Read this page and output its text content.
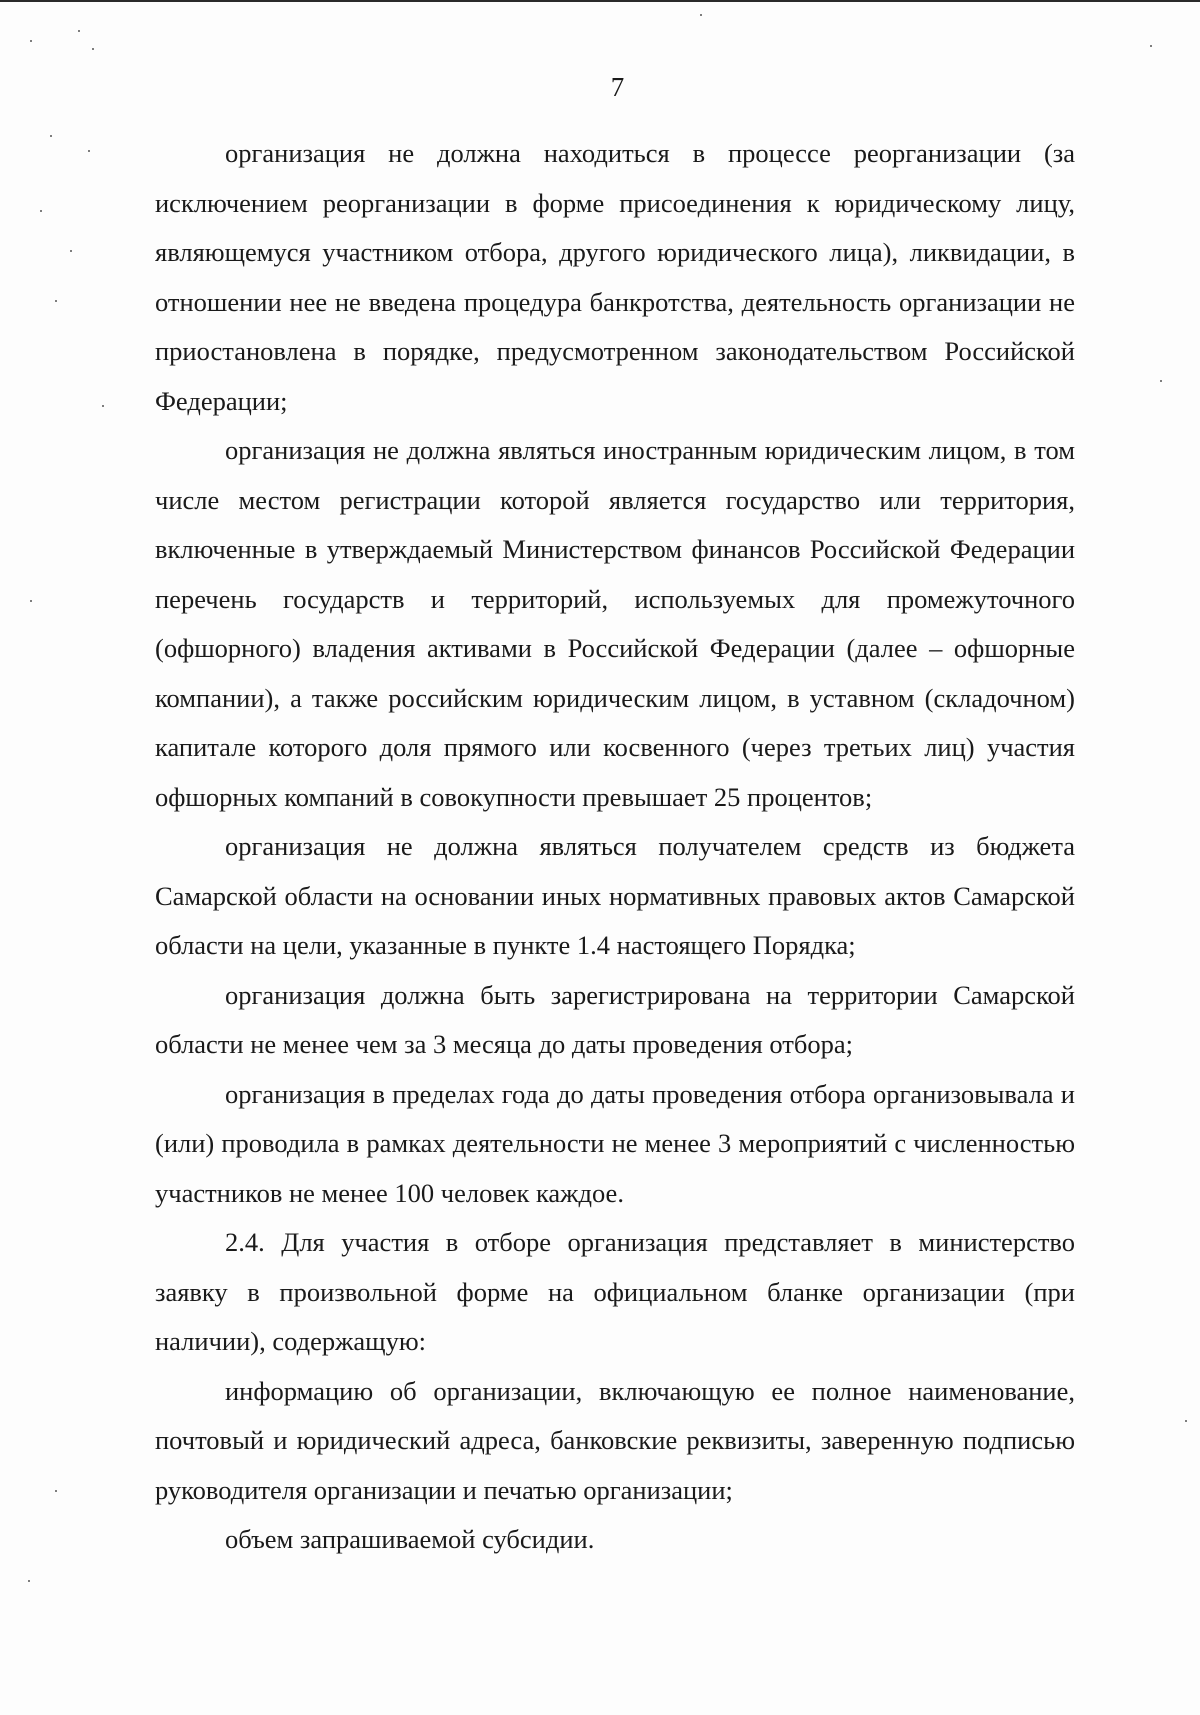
7

организация не должна находиться в процессе реорганизации (за исключением реорганизации в форме присоединения к юридическому лицу, являющемуся участником отбора, другого юридического лица), ликвидации, в отношении нее не введена процедура банкротства, деятельность организации не приостановлена в порядке, предусмотренном законодательством Российской Федерации;

организация не должна являться иностранным юридическим лицом, в том числе местом регистрации которой является государство или территория, включенные в утверждаемый Министерством финансов Российской Федерации перечень государств и территорий, используемых для промежуточного (офшорного) владения активами в Российской Федерации (далее – офшорные компании), а также российским юридическим лицом, в уставном (складочном) капитале которого доля прямого или косвенного (через третьих лиц) участия офшорных компаний в совокупности превышает 25 процентов;

организация не должна являться получателем средств из бюджета Самарской области на основании иных нормативных правовых актов Самарской области на цели, указанные в пункте 1.4 настоящего Порядка;

организация должна быть зарегистрирована на территории Самарской области не менее чем за 3 месяца до даты проведения отбора;

организация в пределах года до даты проведения отбора организовывала и (или) проводила в рамках деятельности не менее 3 мероприятий с численностью участников не менее 100 человек каждое.

2.4. Для участия в отборе организация представляет в министерство заявку в произвольной форме на официальном бланке организации (при наличии), содержащую:

информацию об организации, включающую ее полное наименование, почтовый и юридический адреса, банковские реквизиты, заверенную подписью руководителя организации и печатью организации;

объем запрашиваемой субсидии.
